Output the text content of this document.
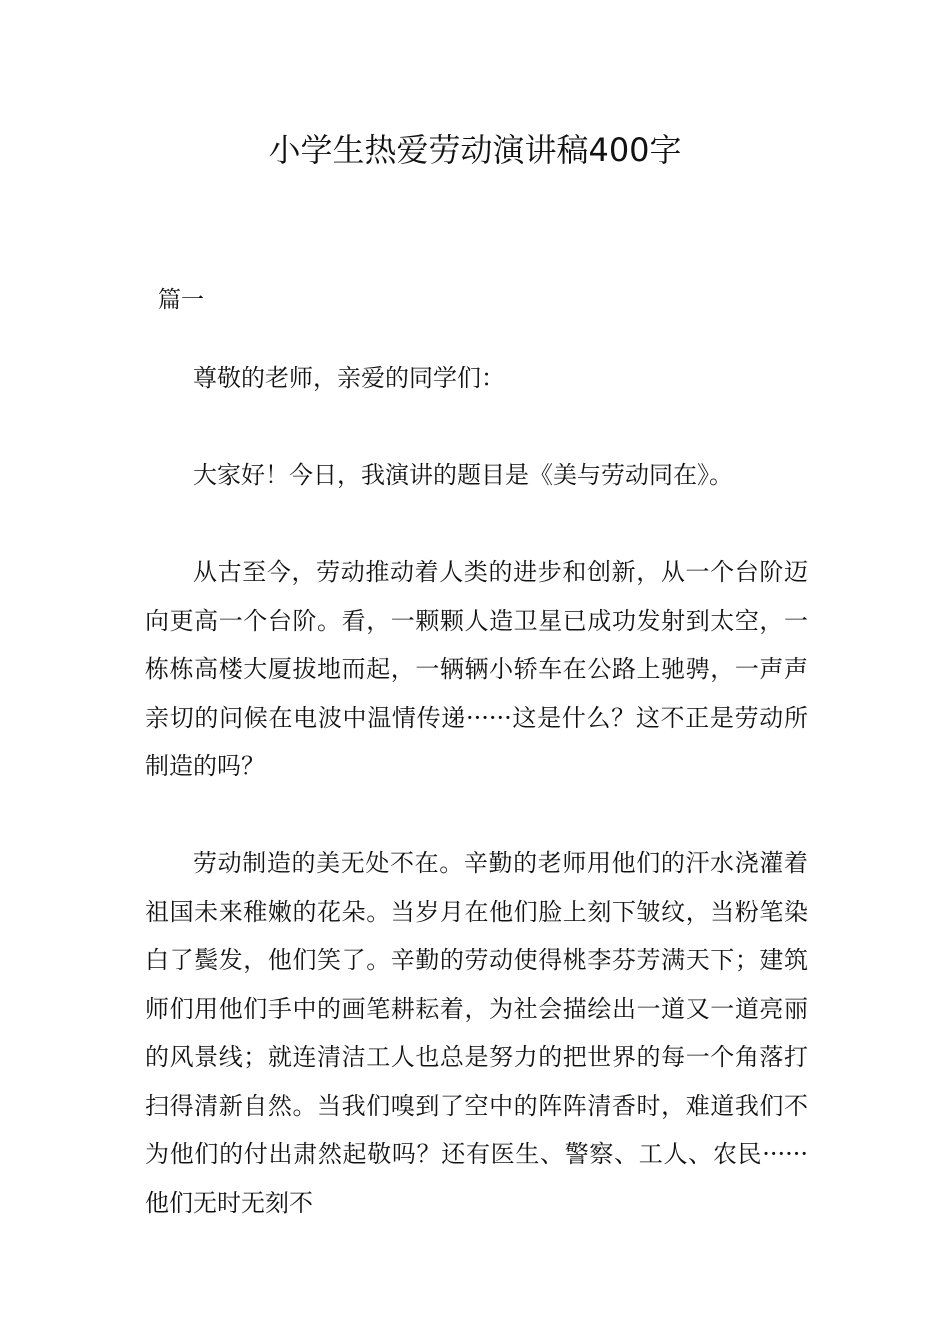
小学生热爱劳动演讲稿400字
篇一

尊敬的老师，亲爱的同学们：

大家好！今日，我演讲的题目是《美与劳动同在》。

从古至今，劳动推动着人类的进步和创新，从一个台阶迈向更高一个台阶。看，一颗颗人造卫星已成功发射到太空，一栋栋高楼大厦拔地而起，一辆辆小轿车在公路上驰骋，一声声亲切的问候在电波中温情传递······这是什么？这不正是劳动所制造的吗？

劳动制造的美无处不在。辛勤的老师用他们的汗水浇灌着祖国未来稚嫩的花朵。当岁月在他们脸上刻下皱纹，当粉笔染白了鬓发，他们笑了。辛勤的劳动使得桃李芬芳满天下；建筑师们用他们手中的画笔耕耘着，为社会描绘出一道又一道亮丽的风景线；就连清洁工人也总是努力的把世界的每一个角落打扫得清新自然。当我们嗅到了空中的阵阵清香时，难道我们不为他们的付出肃然起敬吗？还有医生、警察、工人、农民······他们无时无刻不
